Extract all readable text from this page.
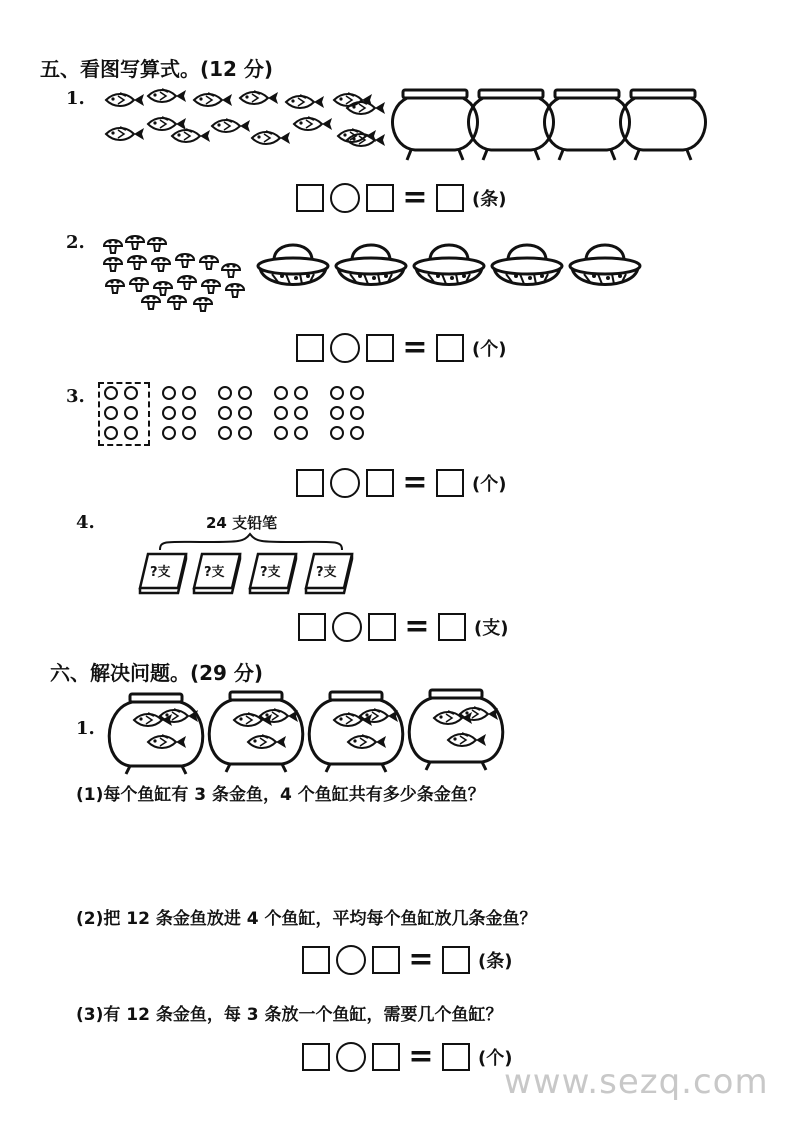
五、看图写算式。(12 分)
1.
= (条)
2.
= (个)
3.
= (个)
4.	24 支铅笔
?支	?支	?支	?支
= (支)
六、解决问题。(29 分)
1.
(1)每个鱼缸有 3 条金鱼，4 个鱼缸共有多少条金鱼？
(2)把 12 条金鱼放进 4 个鱼缸，平均每个鱼缸放几条金鱼？
= (条)
(3)有 12 条金鱼，每 3 条放一个鱼缸，需要几个鱼缸？
= (个)
www.sezq.com
